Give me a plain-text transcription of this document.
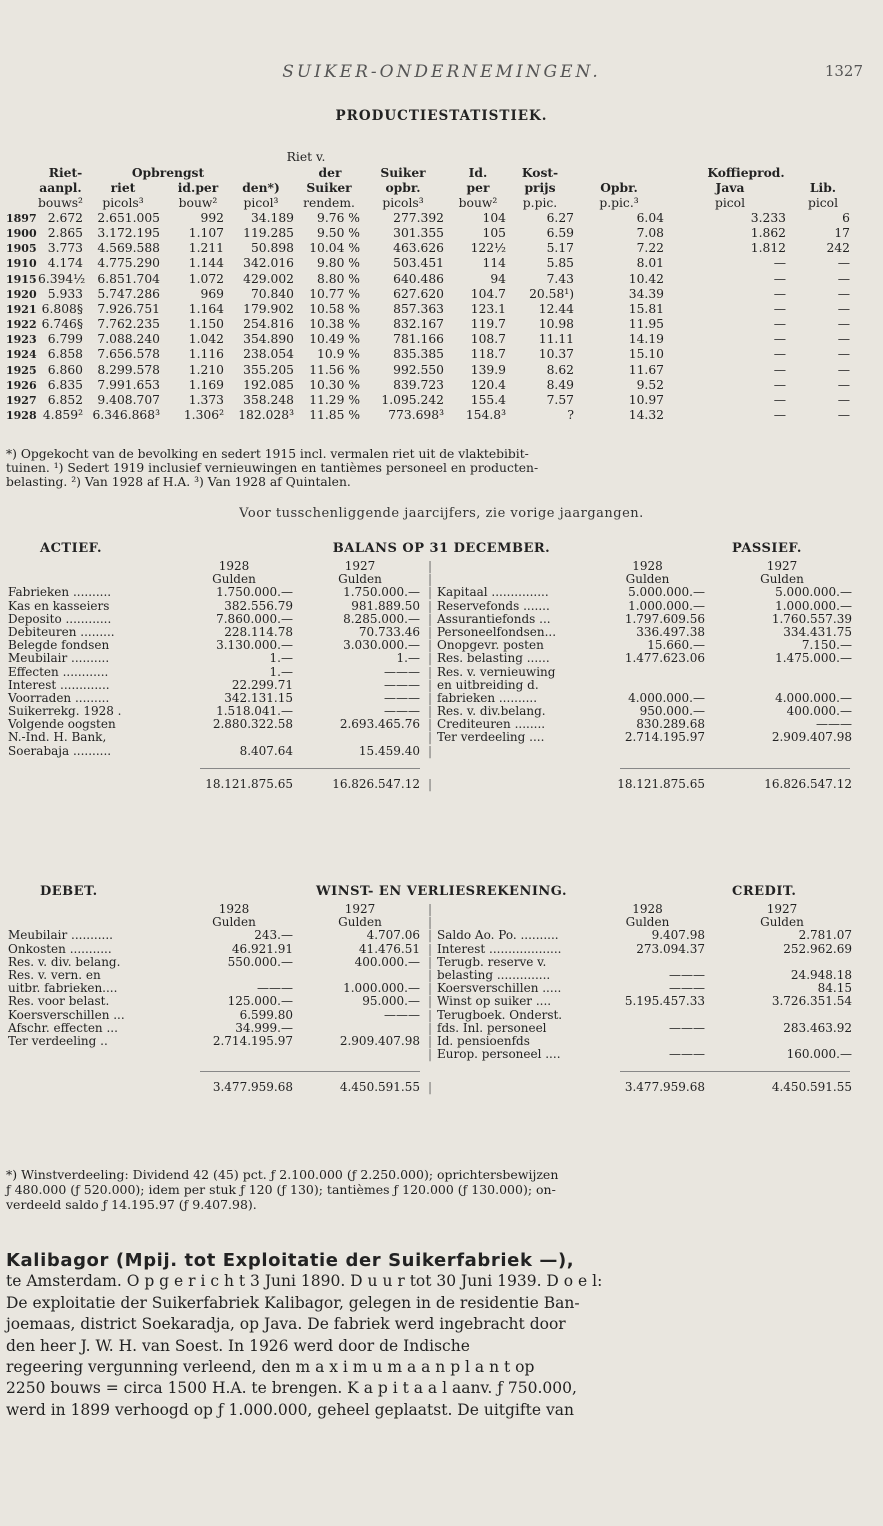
SUIKER-ONDERNEMINGEN.	1327
PRODUCTIESTATISTIEK.
Riet v.
Riet-	Opbrengst	der	Suiker	Id.	Kost-	Koffieprod.
aanpl.	riet	id.per	den*)	Suiker	opbr.	per	prijs	Opbr.	Java	Lib.
bouws²	picols³	bouw²	picol³	rendem.	picols³	bouw²	p.pic.	p.pic.³	picol	picol
1897 2.672	2.651.005	992	34.189	9.76 %	277.392	104	6.27	6.04	3.233	6
1900 2.865	3.172.195	1.107	119.285	9.50 %	301.355	105	6.59	7.08	1.862	17
1905 3.773	4.569.588	1.211	50.898	10.04 %	463.626	122½	5.17	7.22	1.812	242
1910 4.174	4.775.290	1.144	342.016	9.80 %	503.451	114	5.85	8.01	—	—
1915 6.394½ 6.851.704	1.072	429.002	8.80 %	640.486	94	7.43	10.42	—	—
1920 5.933	5.747.286	969	70.840	10.77 %	627.620	104.7	20.58¹)	34.39	—	—
1921 6.808§	7.926.751	1.164	179.902	10.58 %	857.363	123.1	12.44	15.81	—	—
1922 6.746§	7.762.235	1.150	254.816	10.38 %	832.167	119.7	10.98	11.95	—	—
1923 6.799	7.088.240	1.042	354.890	10.49 %	781.166	108.7	11.11	14.19	—	—
1924 6.858	7.656.578	1.116	238.054	10.9 %	835.385	118.7	10.37	15.10	—	—
1925 6.860	8.299.578	1.210	355.205	11.56 %	992.550	139.9	8.62	11.67	—	—
1926 6.835	7.991.653	1.169	192.085	10.30 %	839.723	120.4	8.49	9.52	—	—
1927 6.852	9.408.707	1.373	358.248	11.29 %	1.095.242	155.4	7.57	10.97	—	—
1928 4.859² 6.346.868³	1.306²	182.028³	11.85 %	773.698³	154.8³	?	14.32	—	—
*) Opgekocht van de bevolking en sedert 1915 incl. vermalen riet uit de vlaktebibit-
tuinen. ¹) Sedert 1919 inclusief vernieuwingen en tantièmes personeel en producten-
belasting. ²) Van 1928 af H.A. ³) Van 1928 af Quintalen.
Voor tusschenliggende jaarcijfers, zie vorige jaargangen.
BALANS OP 31 DECEMBER.
ACTIEF.	PASSIEF.
1928	1927	1928	1927
|
Gulden	Gulden	Gulden	Gulden
|
Fabrieken ..........	1.750.000.—	1.750.000.— | Kapitaal ...............	5.000.000.—	5.000.000.—
Kas en kasseiers	382.556.79	981.889.50 | Reservefonds .......	1.000.000.—	1.000.000.—
Deposito ............	7.860.000.—	8.285.000.— | Assurantiefonds ...	1.797.609.56	1.760.557.39
Debiteuren .........	228.114.78	70.733.46 | Personeelfondsen...	336.497.38	334.431.75
Belegde fondsen	3.130.000.—	3.030.000.— | Onopgevr. posten	15.660.—	7.150.—
Meubilair ..........	1.—	1.— | Res. belasting ......	1.477.623.06	1.475.000.—
Effecten ............	1.—	——— | Res. v. vernieuwing
Interest .............	22.299.71	——— | en uitbreiding d.
Voorraden .........	342.131.15	——— | fabrieken ..........	4.000.000.—	4.000.000.—
Suikerrekg. 1928 .	1.518.041.—	——— | Res. v. div.belang.	950.000.—	400.000.—
Volgende oogsten	2.880.322.58	2.693.465.76 | Crediteuren ........	830.289.68	———
N.-Ind. H. Bank,	| Ter verdeeling ....	2.714.195.97	2.909.407.98
Soerabaja ..........	8.407.64	15.459.40 |
18.121.875.65	16.826.547.12	18.121.875.65	16.826.547.12
|
WINST- EN VERLIESREKENING.
DEBET.	CREDIT.
1928	1927	1928	1927
|
Gulden	Gulden	Gulden	Gulden
|
Meubilair ...........	243.—	4.707.06 | Saldo Ao. Po. ..........	9.407.98	2.781.07
Onkosten ...........	46.921.91	41.476.51 | Interest ...................	273.094.37	252.962.69
Res. v. div. belang.	550.000.—	400.000.— | Terugb. reserve v.
Res. v. vern. en	| belasting ..............	———	24.948.18
uitbr. fabrieken....	———	1.000.000.— | Koersverschillen .....	———	84.15
Res. voor belast.	125.000.—	95.000.— | Winst op suiker ....	5.195.457.33	3.726.351.54
Koersverschillen ...	6.599.80	——— | Terugboek. Onderst.
Afschr. effecten ...	34.999.—	| fds. Inl. personeel	———	283.463.92
Ter verdeeling ..	2.714.195.97	2.909.407.98 | Id. pensioenfds
| Europ. personeel ....	———	160.000.—
3.477.959.68	4.450.591.55	3.477.959.68	4.450.591.55
|
*) Winstverdeeling: Dividend 42 (45) pct. ƒ 2.100.000 (ƒ 2.250.000); oprichtersbewijzen
ƒ 480.000 (ƒ 520.000); idem per stuk ƒ 120 (ƒ 130); tantièmes ƒ 120.000 (ƒ 130.000); on-
verdeeld saldo ƒ 14.195.97 (ƒ 9.407.98).
Kalibagor (Mpij. tot Exploitatie der Suikerfabriek —),
te Amsterdam. O p g e r i c h t 3 Juni 1890. D u u r tot 30 Juni 1939. D o e l:
De exploitatie der Suikerfabriek Kalibagor, gelegen in de residentie Ban-
joemaas, district Soekaradja, op Java. De fabriek werd ingebracht door
den heer J. W. H. van Soest. In 1926 werd door de Indische
regeering vergunning verleend, den m a x i m u m a a n p l a n t op
2250 bouws = circa 1500 H.A. te brengen. K a p i t a a l aanv. ƒ 750.000,
werd in 1899 verhoogd op ƒ 1.000.000, geheel geplaatst. De uitgifte van
